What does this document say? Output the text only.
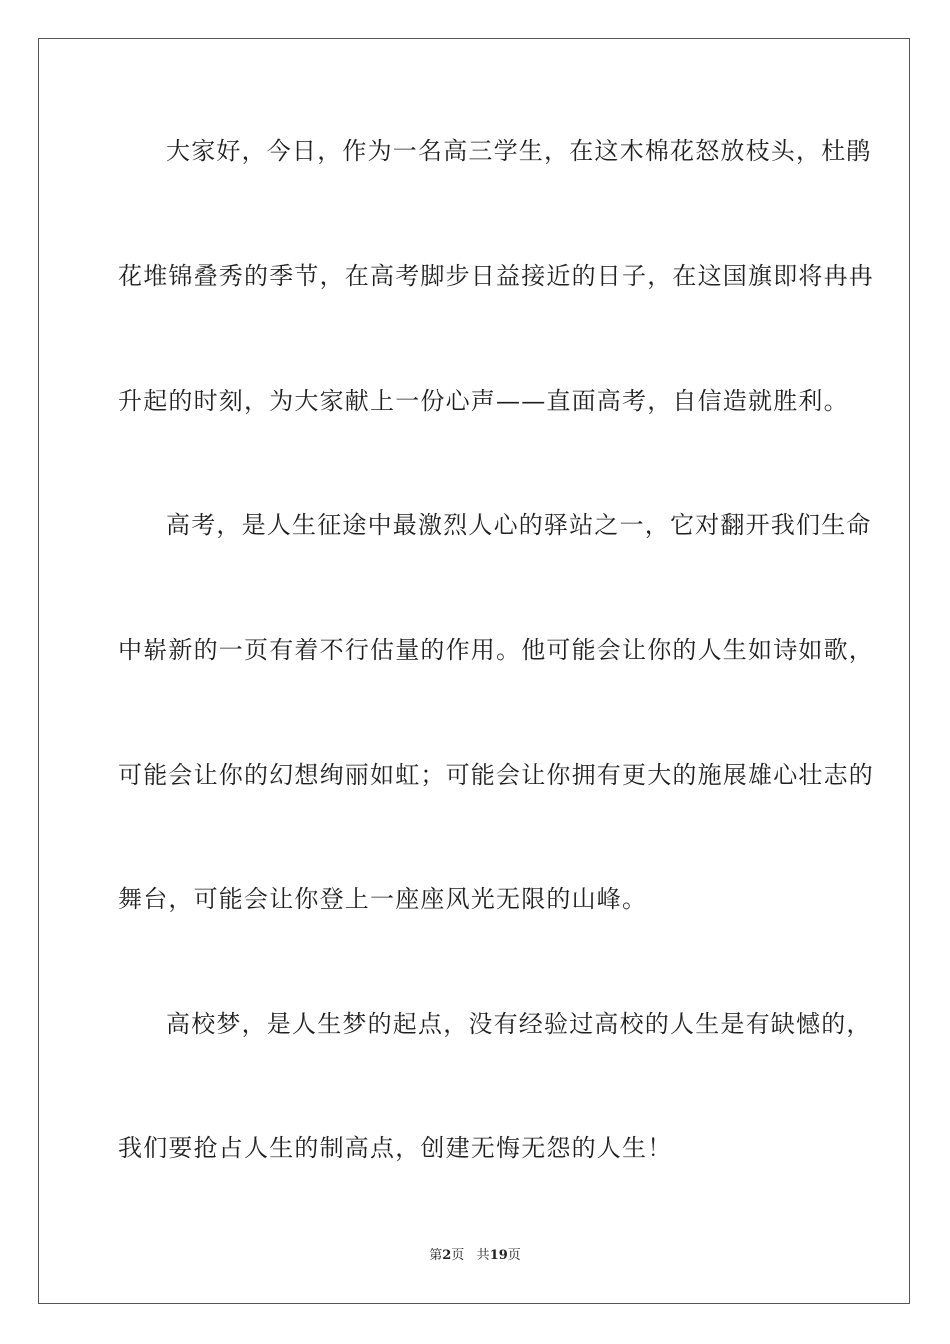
大家好，今日，作为一名高三学生，在这木棉花怒放枝头，杜鹃
花堆锦叠秀的季节，在高考脚步日益接近的日子，在这国旗即将冉冉
升起的时刻，为大家献上一份心声——直面高考，自信造就胜利。
高考，是人生征途中最激烈人心的驿站之一，它对翻开我们生命
中崭新的一页有着不行估量的作用。他可能会让你的人生如诗如歌，
可能会让你的幻想绚丽如虹；可能会让你拥有更大的施展雄心壮志的
舞台，可能会让你登上一座座风光无限的山峰。
高校梦，是人生梦的起点，没有经验过高校的人生是有缺憾的，
我们要抢占人生的制高点，创建无悔无怨的人生！
第2页 共19页
